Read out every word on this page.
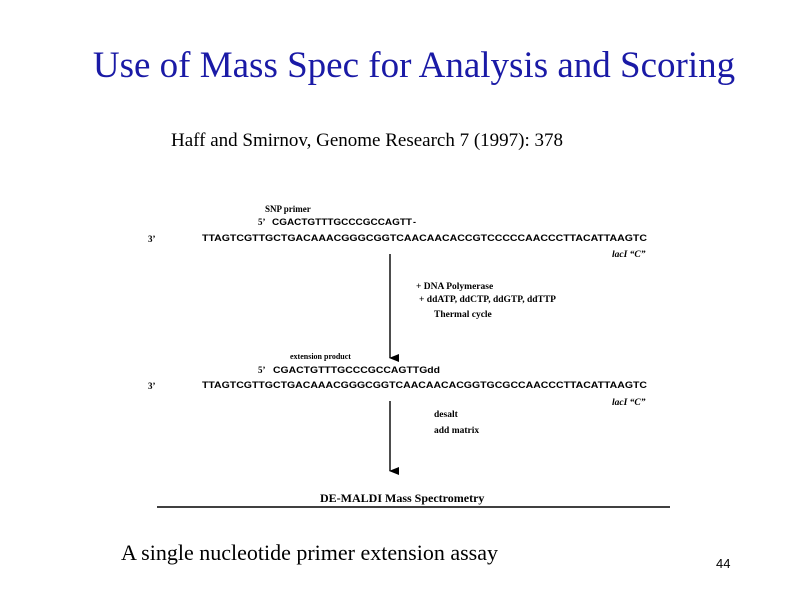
Use of Mass Spec for Analysis and Scoring
Haff and Smirnov, Genome Research 7 (1997): 378
SNP primer
5’ CGACTGTTTGCCCGCCAGTT -
3’	TTAGTCGTTGCTGACAAACGGGCGGTCAACAACACCGTCCCCCAACCCTTACATTAAGTC
lacI “C”
+ DNA Polymerase
+ ddATP, ddCTP, ddGTP, ddTTP
Thermal cycle
extension product
5’ CGACTGTTTGCCCGCCAGTTGdd
3’	TTAGTCGTTGCTGACAAACGGGCGGTCAACAACACGGTGCGCCAACCCTTACATTAAGTC
lacI “C”
desalt
add matrix
DE-MALDI Mass Spectrometry
A single nucleotide primer extension assay	44
